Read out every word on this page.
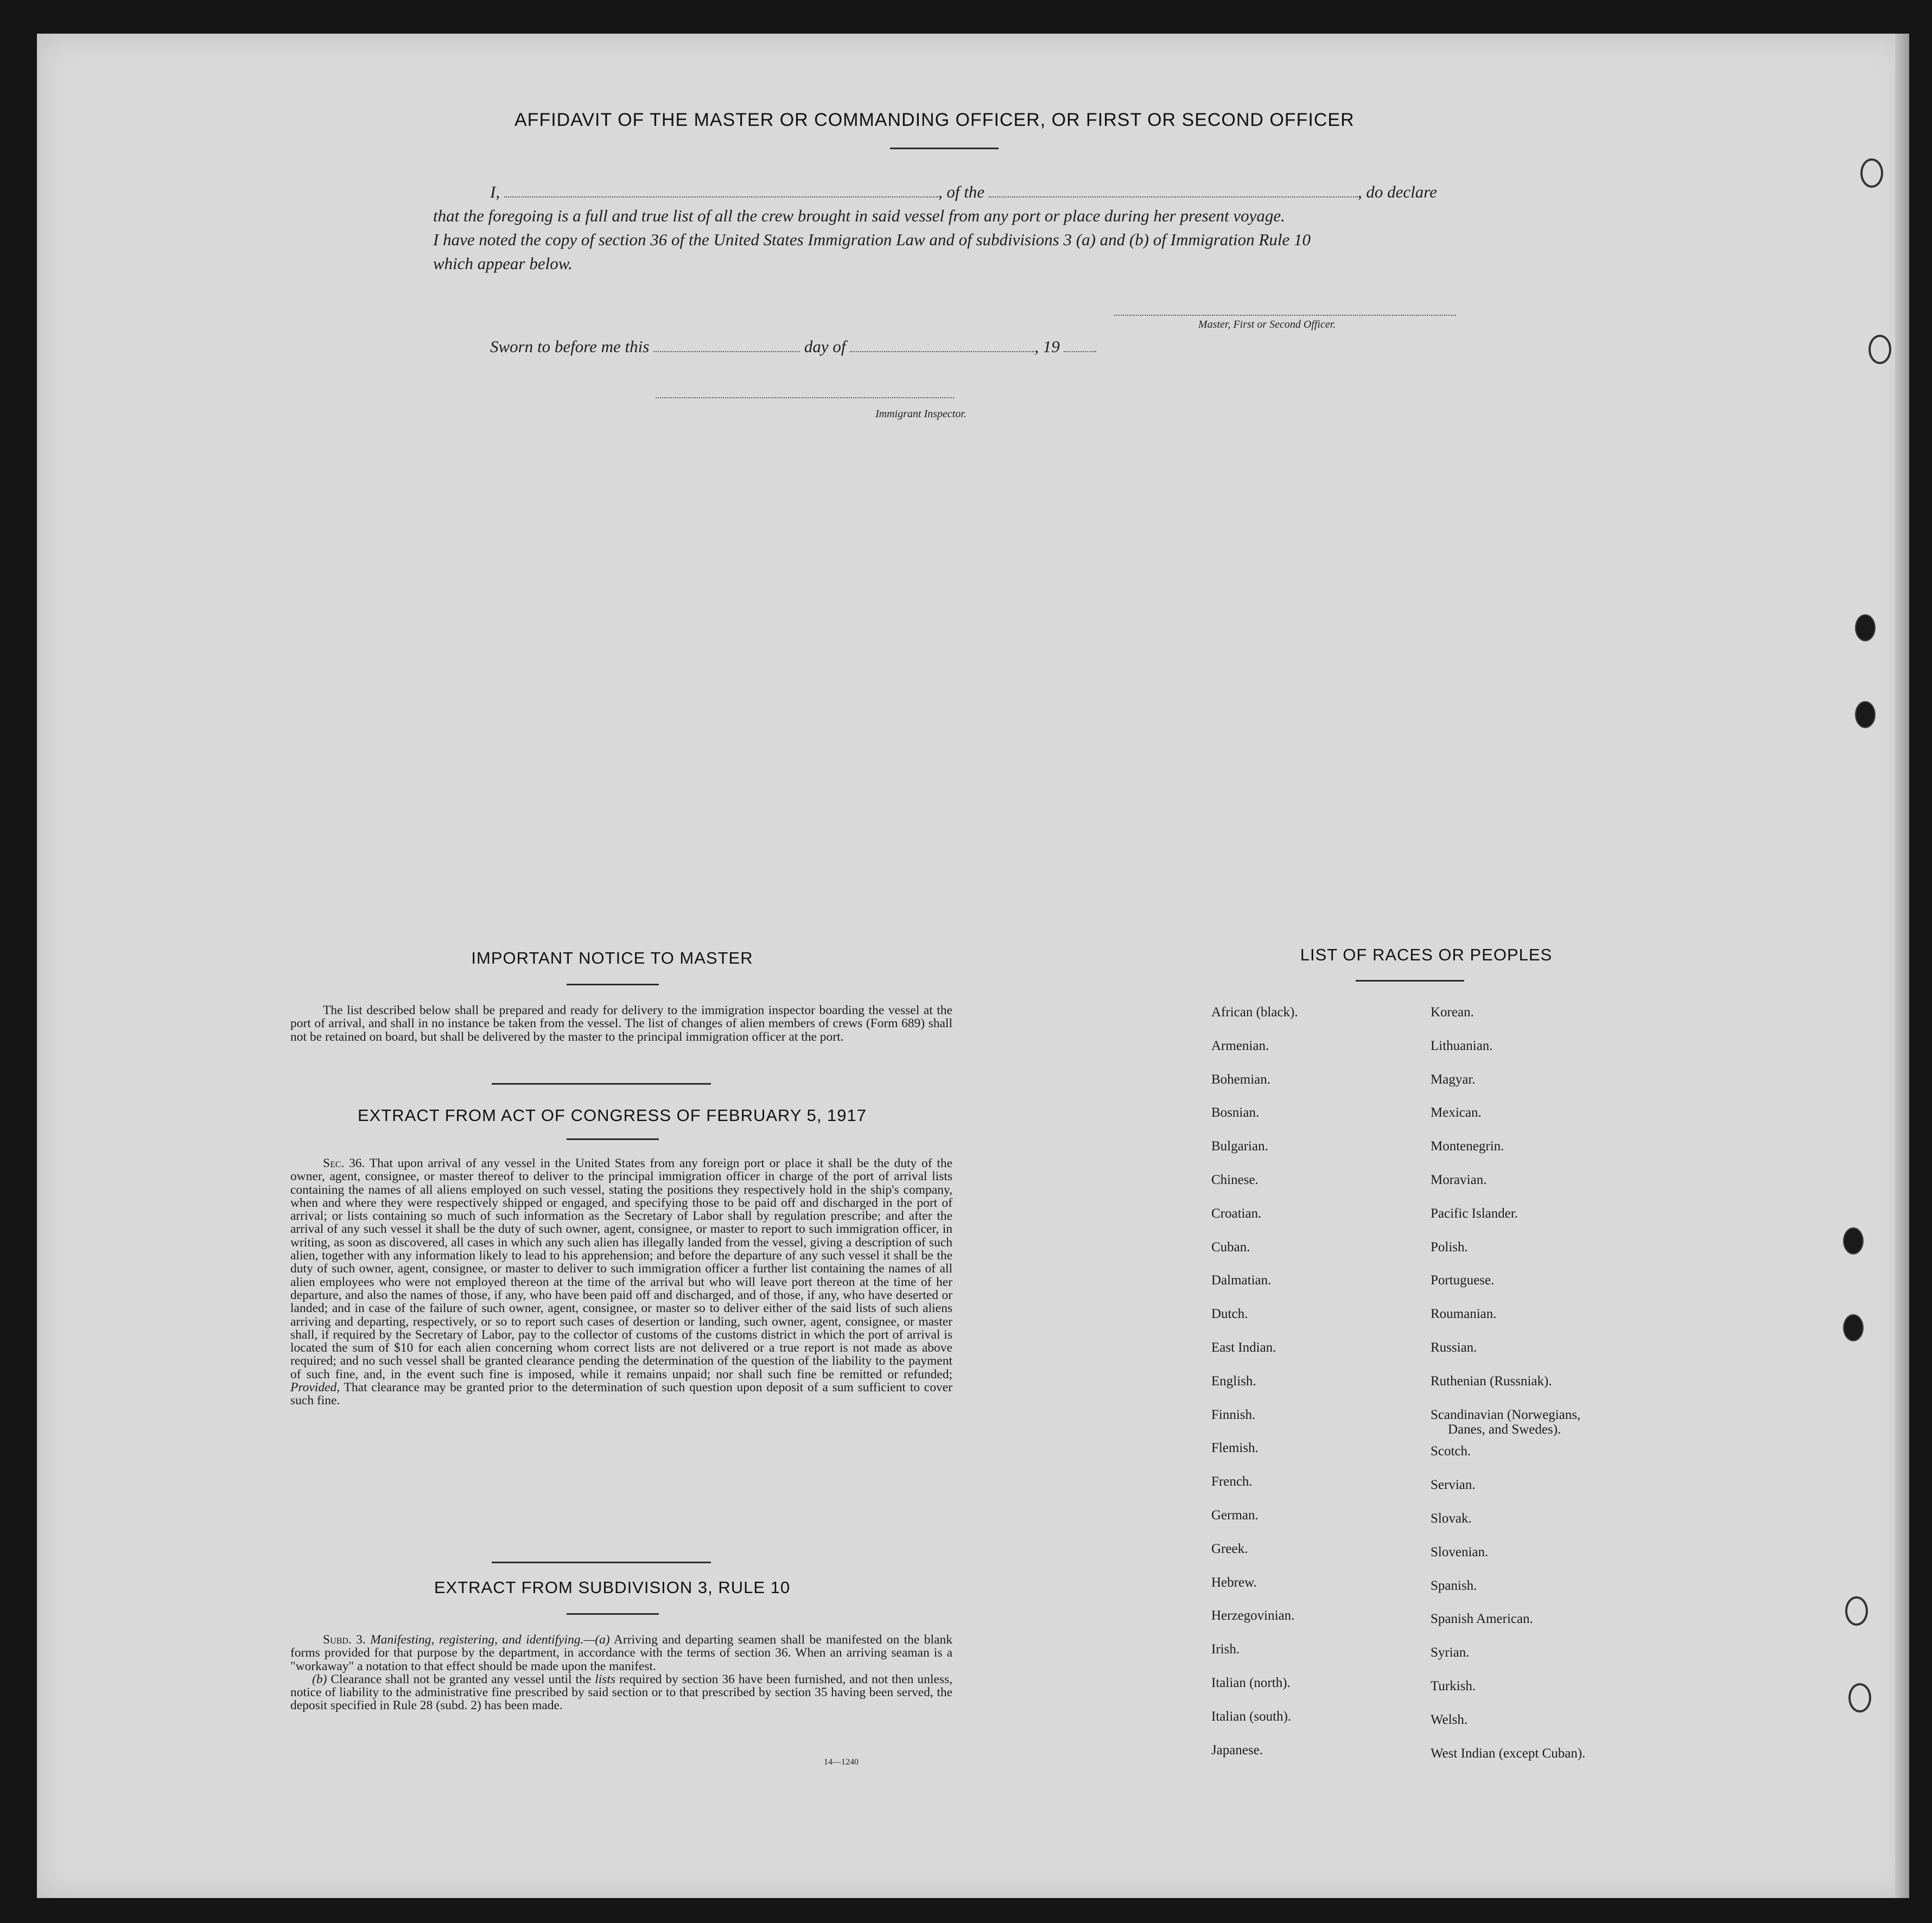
AFFIDAVIT OF THE MASTER OR COMMANDING OFFICER, OR FIRST OR SECOND OFFICER
I,	, of the	, do declare
that the foregoing is a full and true list of all the crew brought in said vessel from any port or place during her present voyage.
I have noted the copy of section 36 of the United States Immigration Law and of subdivisions 3 (a) and (b) of Immigration Rule 10
which appear below.
Master, First or Second Officer.
Sworn to before me this	day of	, 19
Immigrant Inspector.
IMPORTANT NOTICE TO MASTER

The list described below shall be prepared and ready for delivery to the immigration inspector boarding the vessel at the port of arrival, and shall in no instance be taken from the vessel. The list of changes of alien members of crews (Form 689) shall not be retained on board, but shall be delivered by the master to the principal immigration officer at the port.

EXTRACT FROM ACT OF CONGRESS OF FEBRUARY 5, 1917

Sec. 36. That upon arrival of any vessel in the United States from any foreign port or place it shall be the duty of the owner, agent, consignee, or master thereof to deliver to the principal immigration officer in charge of the port of arrival lists containing the names of all aliens employed on such vessel, stating the positions they respectively hold in the ship's company, when and where they were respectively shipped or engaged, and specifying those to be paid off and discharged in the port of arrival; or lists containing so much of such information as the Secretary of Labor shall by regulation prescribe; and after the arrival of any such vessel it shall be the duty of such owner, agent, consignee, or master to report to such immigration officer, in writing, as soon as discovered, all cases in which any such alien has illegally landed from the vessel, giving a description of such alien, together with any information likely to lead to his apprehension; and before the departure of any such vessel it shall be the duty of such owner, agent, consignee, or master to deliver to such immigration officer a further list containing the names of all alien employees who were not employed thereon at the time of the arrival but who will leave port thereon at the time of her departure, and also the names of those, if any, who have been paid off and discharged, and of those, if any, who have deserted or landed; and in case of the failure of such owner, agent, consignee, or master so to deliver either of the said lists of such aliens arriving and departing, respectively, or so to report such cases of desertion or landing, such owner, agent, consignee, or master shall, if required by the Secretary of Labor, pay to the collector of customs of the customs district in which the port of arrival is located the sum of $10 for each alien concerning whom correct lists are not delivered or a true report is not made as above required; and no such vessel shall be granted clearance pending the determination of the question of the liability to the payment of such fine, and, in the event such fine is imposed, while it remains unpaid; nor shall such fine be remitted or refunded; Provided, That clearance may be granted prior to the determination of such question upon deposit of a sum sufficient to cover such fine.

EXTRACT FROM SUBDIVISION 3, RULE 10

Subd. 3. Manifesting, registering, and identifying.—(a) Arriving and departing seamen shall be manifested on the blank forms provided for that purpose by the department, in accordance with the terms of section 36. When an arriving seaman is a "workaway" a notation to that effect should be made upon the manifest.

(b) Clearance shall not be granted any vessel until the lists required by section 36 have been furnished, and not then unless, notice of liability to the administrative fine prescribed by said section or to that prescribed by section 35 having been served, the deposit specified in Rule 28 (subd. 2) has been made.

14—1240
LIST OF RACES OR PEOPLES
African (black).
Armenian.
Bohemian.
Bosnian.
Bulgarian.
Chinese.
Croatian.
Cuban.
Dalmatian.
Dutch.
East Indian.
English.
Finnish.
Flemish.
French.
German.
Greek.
Hebrew.
Herzegovinian.
Irish.
Italian (north).
Italian (south).
Japanese.
Korean.
Lithuanian.
Magyar.
Mexican.
Montenegrin.
Moravian.
Pacific Islander.
Polish.
Portuguese.
Roumanian.
Russian.
Ruthenian (Russniak).
Scandinavian (Norwegians,
Scotch.
Servian.
Slovak.
Slovenian.
Spanish.
Spanish American.
Syrian.
Turkish.
Welsh.
West Indian (except Cuban).
Danes, and Swedes).
